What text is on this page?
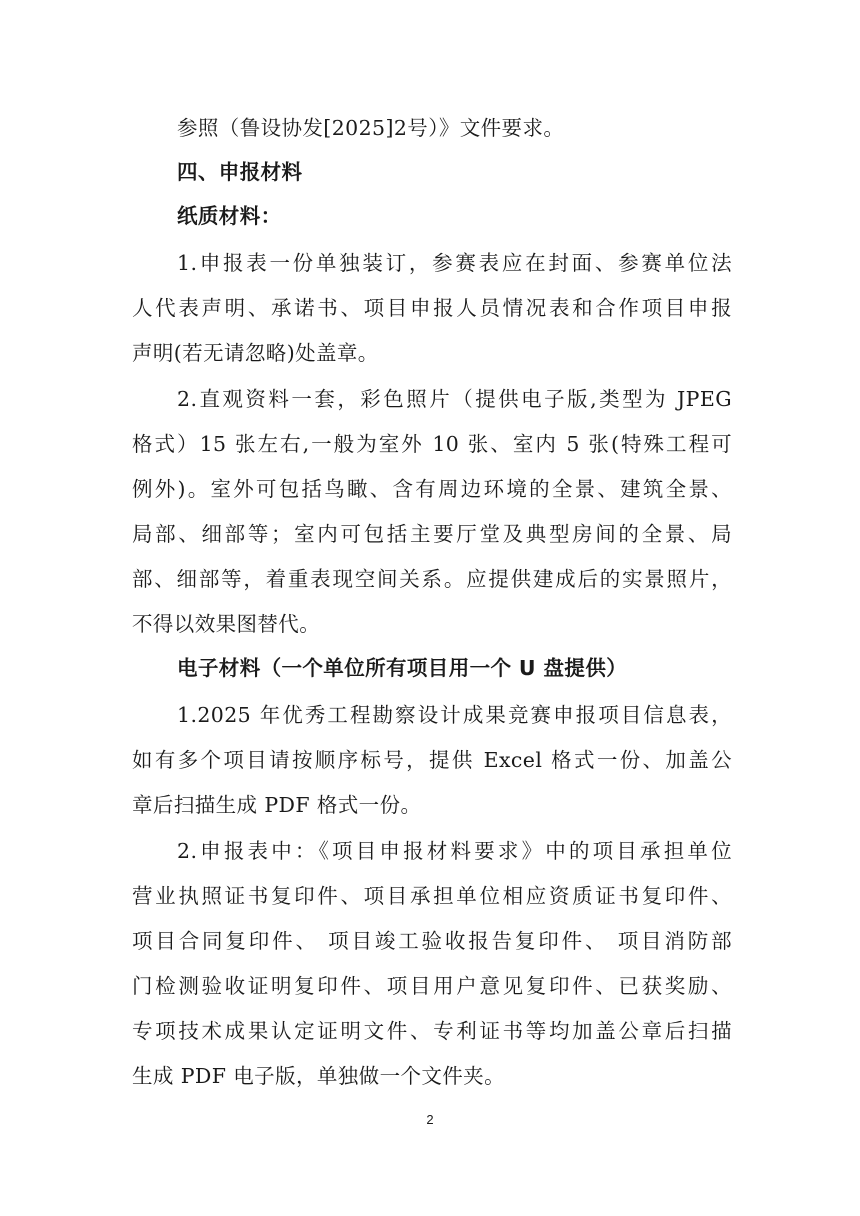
参照（鲁设协发[2025]2号）》文件要求。
四、申报材料
纸质材料：
1.申报表一份单独装订，参赛表应在封面、参赛单位法
人代表声明、承诺书、项目申报人员情况表和合作项目申报
声明(若无请忽略)处盖章。
2.直观资料一套，彩色照片（提供电子版,类型为 JPEG
格式）15 张左右,一般为室外 10 张、室内 5 张(特殊工程可
例外)。室外可包括鸟瞰、含有周边环境的全景、建筑全景、
局部、细部等；室内可包括主要厅堂及典型房间的全景、局
部、细部等，着重表现空间关系。应提供建成后的实景照片，
不得以效果图替代。
电子材料（一个单位所有项目用一个 U 盘提供）
1.2025 年优秀工程勘察设计成果竞赛申报项目信息表，
如有多个项目请按顺序标号，提供 Excel 格式一份、加盖公
章后扫描生成 PDF 格式一份。
2.申报表中：《项目申报材料要求》中的项目承担单位
营业执照证书复印件、项目承担单位相应资质证书复印件、
项目合同复印件、 项目竣工验收报告复印件、 项目消防部
门检测验收证明复印件、项目用户意见复印件、已获奖励、
专项技术成果认定证明文件、专利证书等均加盖公章后扫描
生成 PDF 电子版，单独做一个文件夹。
2
